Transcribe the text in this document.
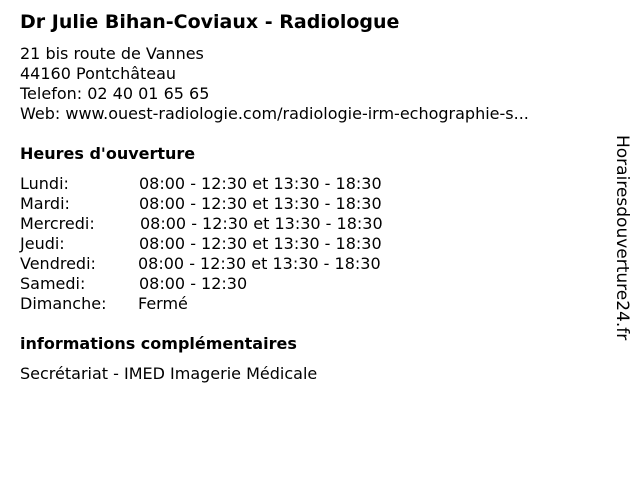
Dr Julie Bihan-Coviaux - Radiologue
21 bis route de Vannes
44160 Pontchâteau
Telefon: 02 40 01 65 65
Web: www.ouest-radiologie.com/radiologie-irm-echographie-s...
Heures d'ouverture
Lundi:	08:00 - 12:30 et 13:30 - 18:30
Mardi:	08:00 - 12:30 et 13:30 - 18:30
Mercredi:	08:00 - 12:30 et 13:30 - 18:30
Jeudi:	08:00 - 12:30 et 13:30 - 18:30
Vendredi:	08:00 - 12:30 et 13:30 - 18:30
Samedi:	08:00 - 12:30
Dimanche: Fermé
informations complémentaires
Secrétariat - IMED Imagerie Médicale
Horairesdouverture24.fr
